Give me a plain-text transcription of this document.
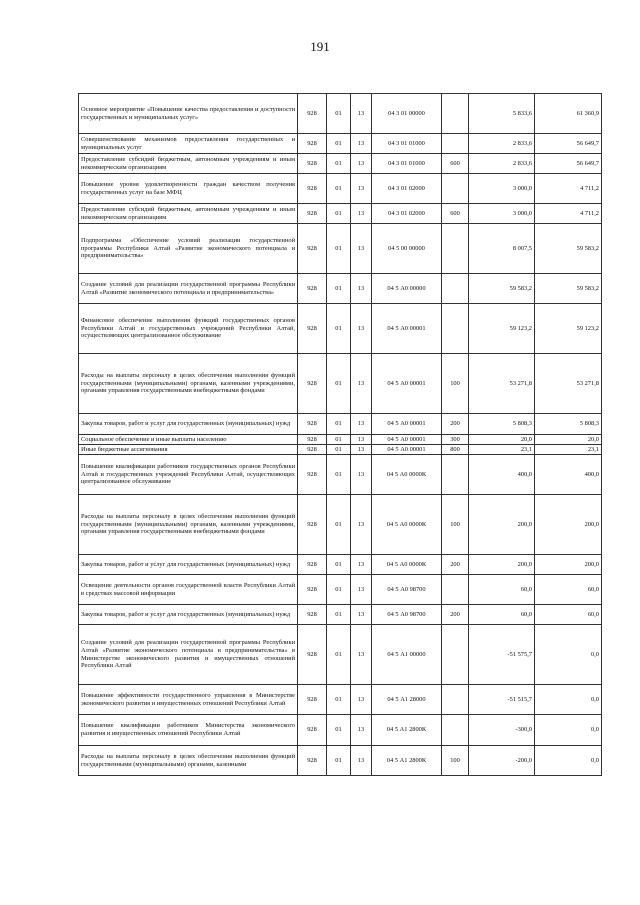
191
Основное мероприятие «Повышение качества предоставления и доступности государственных и муниципальных услуг»	928	01	13	04 3 01 00000		5 833,6	61 360,9
Совершенствование механизмов предоставления государственных и муниципальных услуг	928	01	13	04 3 01 01000		2 833,6	56 649,7
Предоставление субсидий бюджетным, автономным учреждениям и иным некоммерческим организациям	928	01	13	04 3 01 01000	600	2 833,6	56 649,7
Повышение уровня удовлетворенности граждан качеством получения государственных услуг на базе МФЦ	928	01	13	04 3 01 02000		3 000,0	4 711,2
Предоставление субсидий бюджетным, автономным учреждениям и иным некоммерческим организациям	928	01	13	04 3 01 02000	600	3 000,0	4 711,2
Подпрограмма «Обеспечение условий реализации государственной программы Республики Алтай «Развитие экономического потенциала и предпринимательства»	928	01	13	04 5 00 00000		8 007,5	59 583,2
Создание условий для реализации государственной программы Республики Алтай «Развитие экономического потенциала и предпринимательства»	928	01	13	04 5 А0 00000		59 583,2	59 583,2
Финансовое обеспечение выполнения функций государственных органов Республики Алтай и государственных учреждений Республики Алтай, осуществляющих централизованное обслуживание	928	01	13	04 5 А0 00001		59 123,2	59 123,2
Расходы на выплаты персоналу в целях обеспечения выполнения функций государственными (муниципальными) органами, казенными учреждениями, органами управления государственными внебюджетными фондами	928	01	13	04 5 А0 00001	100	53 271,8	53 271,8
Закупка товаров, работ и услуг для государственных (муниципальных) нужд	928	01	13	04 5 А0 00001	200	5 808,3	5 808,3
Социальное обеспечение и иные выплаты населению	928	01	13	04 5 А0 00001	300	20,0	20,0
Иные бюджетные ассигнования	928	01	13	04 5 А0 00001	800	23,1	23,1
Повышение квалификации работников государственных органов Республики Алтай и государственных учреждений Республики Алтай, осуществляющих централизованное обслуживание	928	01	13	04 5 А0 0000К		400,0	400,0
Расходы на выплаты персоналу в целях обеспечения выполнения функций государственными (муниципальными) органами, казенными учреждениями, органами управления государственными внебюджетными фондами	928	01	13	04 5 А0 0000К	100	200,0	200,0
Закупка товаров, работ и услуг для государственных (муниципальных) нужд	928	01	13	04 5 А0 0000К	200	200,0	200,0
Освещение деятельности органов государственной власти Республики Алтай в средствах массовой информации	928	01	13	04 5 А0 98700		60,0	60,0
Закупка товаров, работ и услуг для государственных (муниципальных) нужд	928	01	13	04 5 А0 98700	200	60,0	60,0
Создание условий для реализации государственной программы Республики Алтай «Развитие экономического потенциала и предпринимательства» в Министерстве экономического развития и имущественных отношений Республики Алтай	928	01	13	04 5 А1 00000		-51 575,7	0,0
Повышение эффективности государственного управления в Министерстве экономического развития и имущественных отношений Республики Алтай	928	01	13	04 5 А1 28000		-51 515,7	0,0
Повышение квалификации работников Министерства экономического развития и имущественных отношений Республики Алтай	928	01	13	04 5 А1 2800К		-300,0	0,0
Расходы на выплаты персоналу в целях обеспечения выполнения функций государственными (муниципальными) органами, казенными	928	01	13	04 5 А1 2800К	100	-200,0	0,0
